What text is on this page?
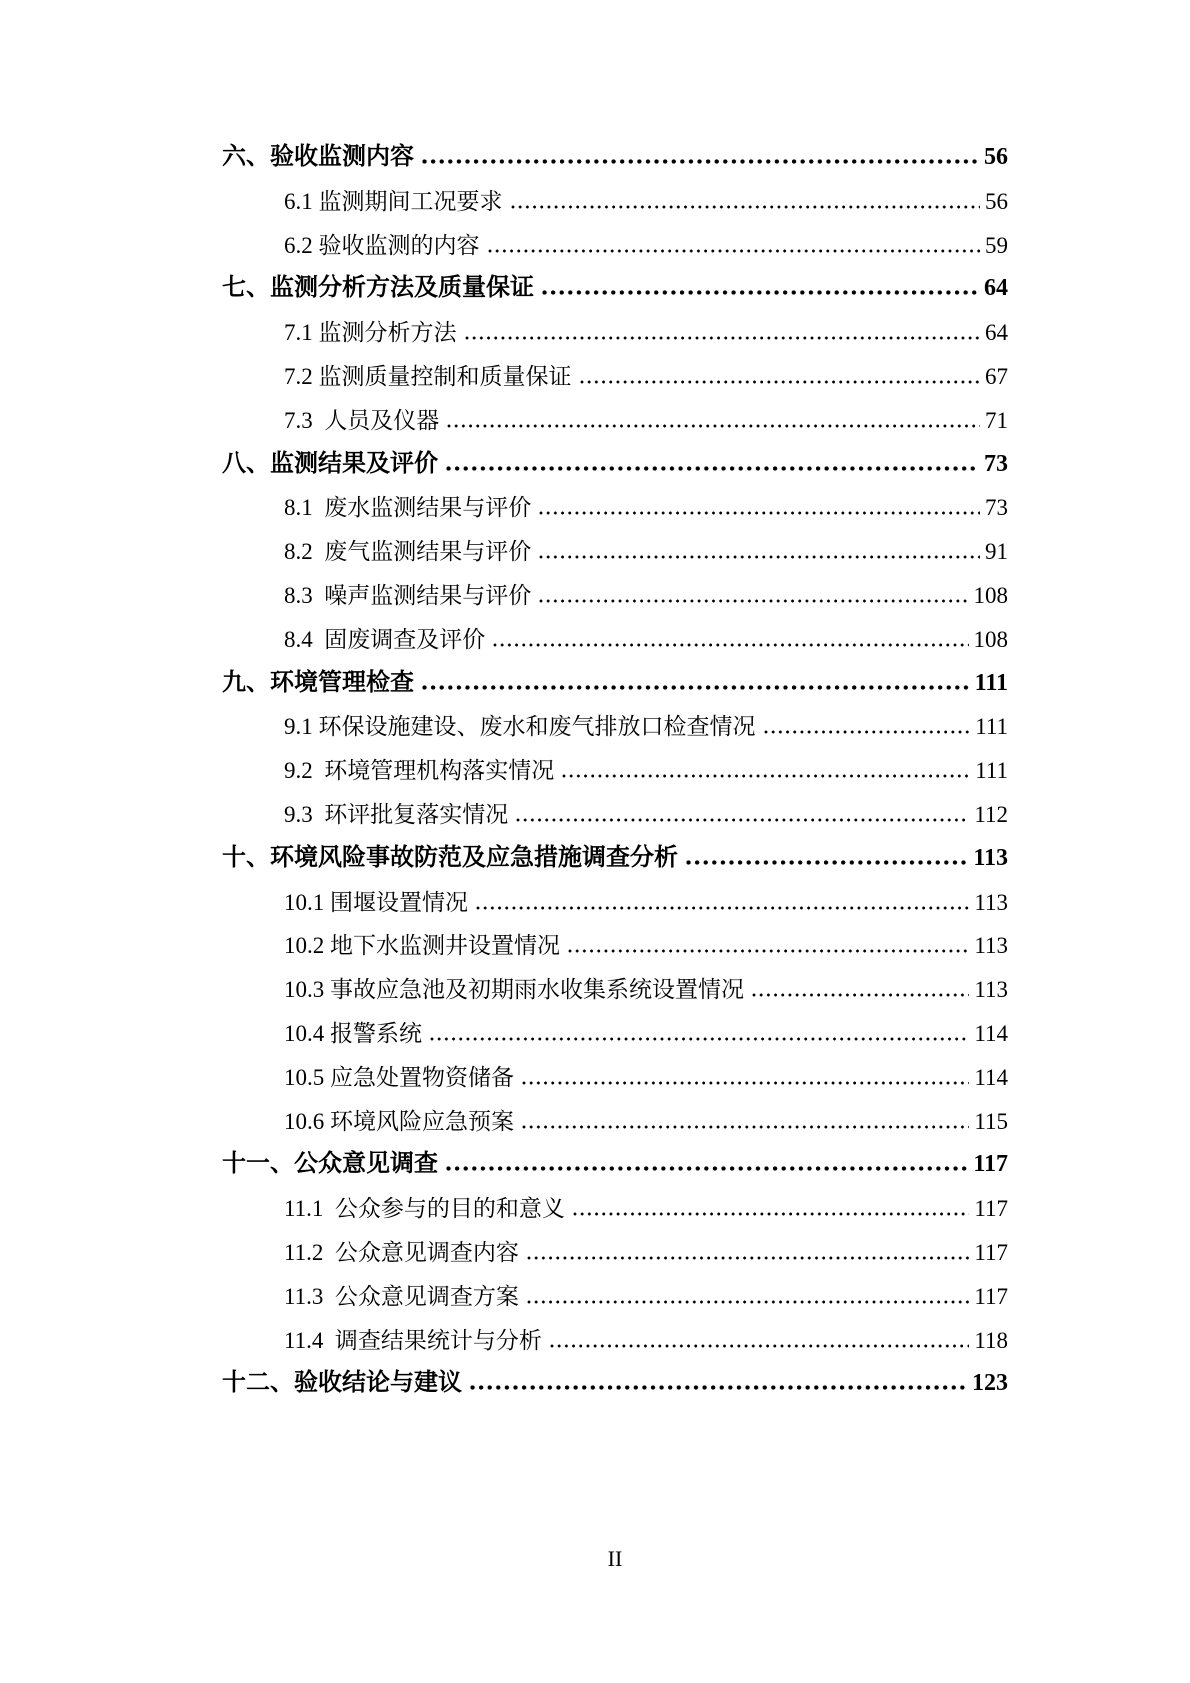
六、验收监测内容	56
6.1 监测期间工况要求	56
6.2 验收监测的内容	59
七、监测分析方法及质量保证	64
7.1 监测分析方法	64
7.2 监测质量控制和质量保证	67
7.3  人员及仪器	71
八、监测结果及评价	73
8.1  废水监测结果与评价	73
8.2  废气监测结果与评价	91
8.3  噪声监测结果与评价	108
8.4  固废调查及评价	108
九、环境管理检查	111
9.1 环保设施建设、废水和废气排放口检查情况	111
9.2  环境管理机构落实情况	111
9.3  环评批复落实情况	112
十、环境风险事故防范及应急措施调查分析	113
10.1 围堰设置情况	113
10.2 地下水监测井设置情况	113
10.3 事故应急池及初期雨水收集系统设置情况	113
10.4 报警系统	114
10.5 应急处置物资储备	114
10.6 环境风险应急预案	115
十一、公众意见调查	117
11.1  公众参与的目的和意义	117
11.2  公众意见调查内容	117
11.3  公众意见调查方案	117
11.4  调查结果统计与分析	118
十二、验收结论与建议	123
II
